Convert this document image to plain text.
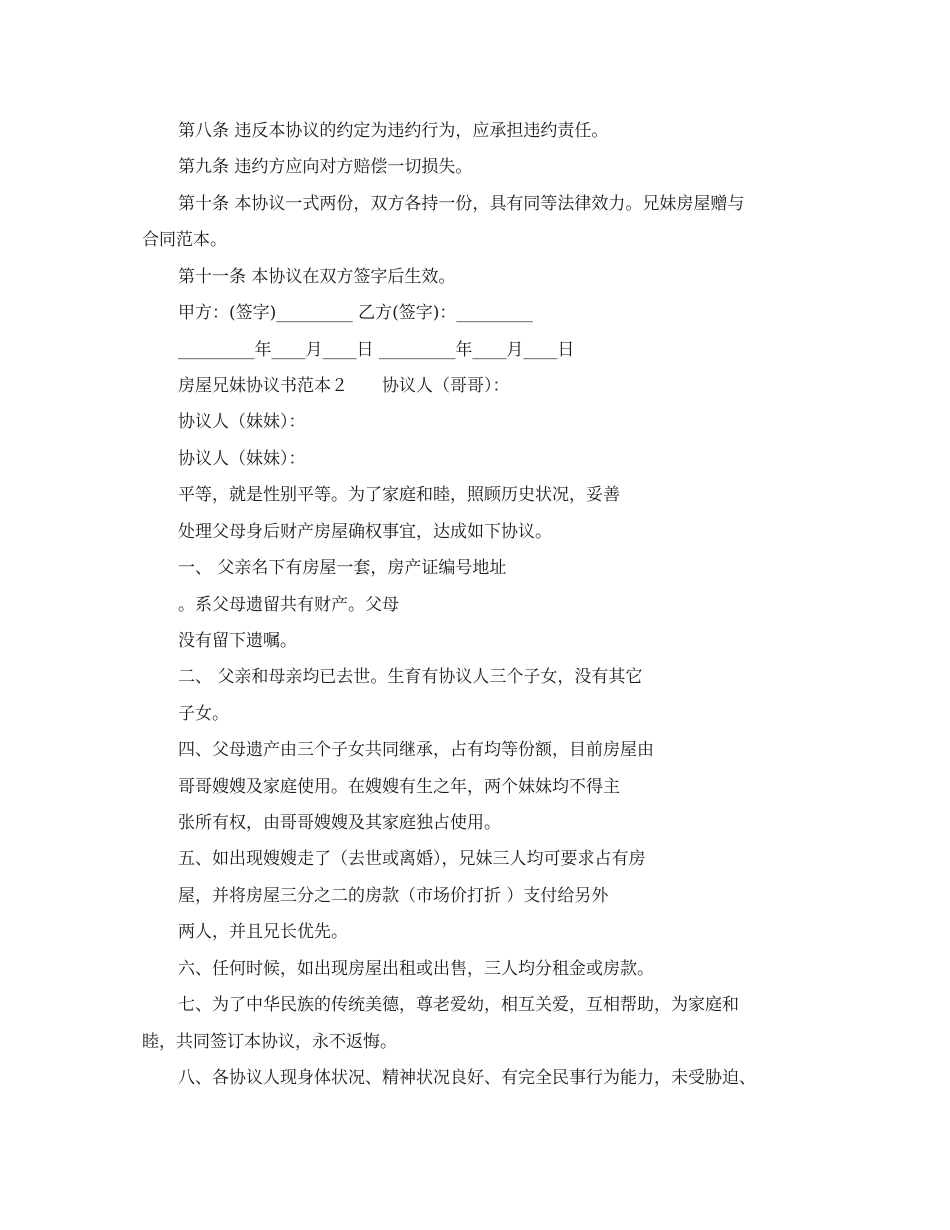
第八条 违反本协议的约定为违约行为，应承担违约责任。
第九条 违约方应向对方赔偿一切损失。
第十条 本协议一式两份，双方各持一份，具有同等法律效力。兄妹房屋赠与
合同范本。
第十一条 本协议在双方签字后生效。
甲方：(签字)_________ 乙方(签字)：_________
_________年____月____日 _________年____月____日
房屋兄妹协议书范本２　　协议人（哥哥）：
协议人（妹妹）：
协议人（妹妹）：
平等，就是性别平等。为了家庭和睦，照顾历史状况，妥善
处理父母身后财产房屋确权事宜，达成如下协议。
一、 父亲名下有房屋一套，房产证编号地址
。系父母遗留共有财产。父母
没有留下遗嘱。
二、 父亲和母亲均已去世。生育有协议人三个子女，没有其它
子女。
四、父母遗产由三个子女共同继承，占有均等份额，目前房屋由
哥哥嫂嫂及家庭使用。在嫂嫂有生之年，两个妹妹均不得主
张所有权，由哥哥嫂嫂及其家庭独占使用。
五、如出现嫂嫂走了（去世或离婚），兄妹三人均可要求占有房
屋，并将房屋三分之二的房款（市场价打折 ）支付给另外
两人，并且兄长优先。
六、任何时候，如出现房屋出租或出售，三人均分租金或房款。
七、为了中华民族的传统美德，尊老爱幼，相互关爱，互相帮助，为家庭和
睦，共同签订本协议，永不返悔。
八、各协议人现身体状况、精神状况良好、有完全民事行为能力，未受胁迫、
